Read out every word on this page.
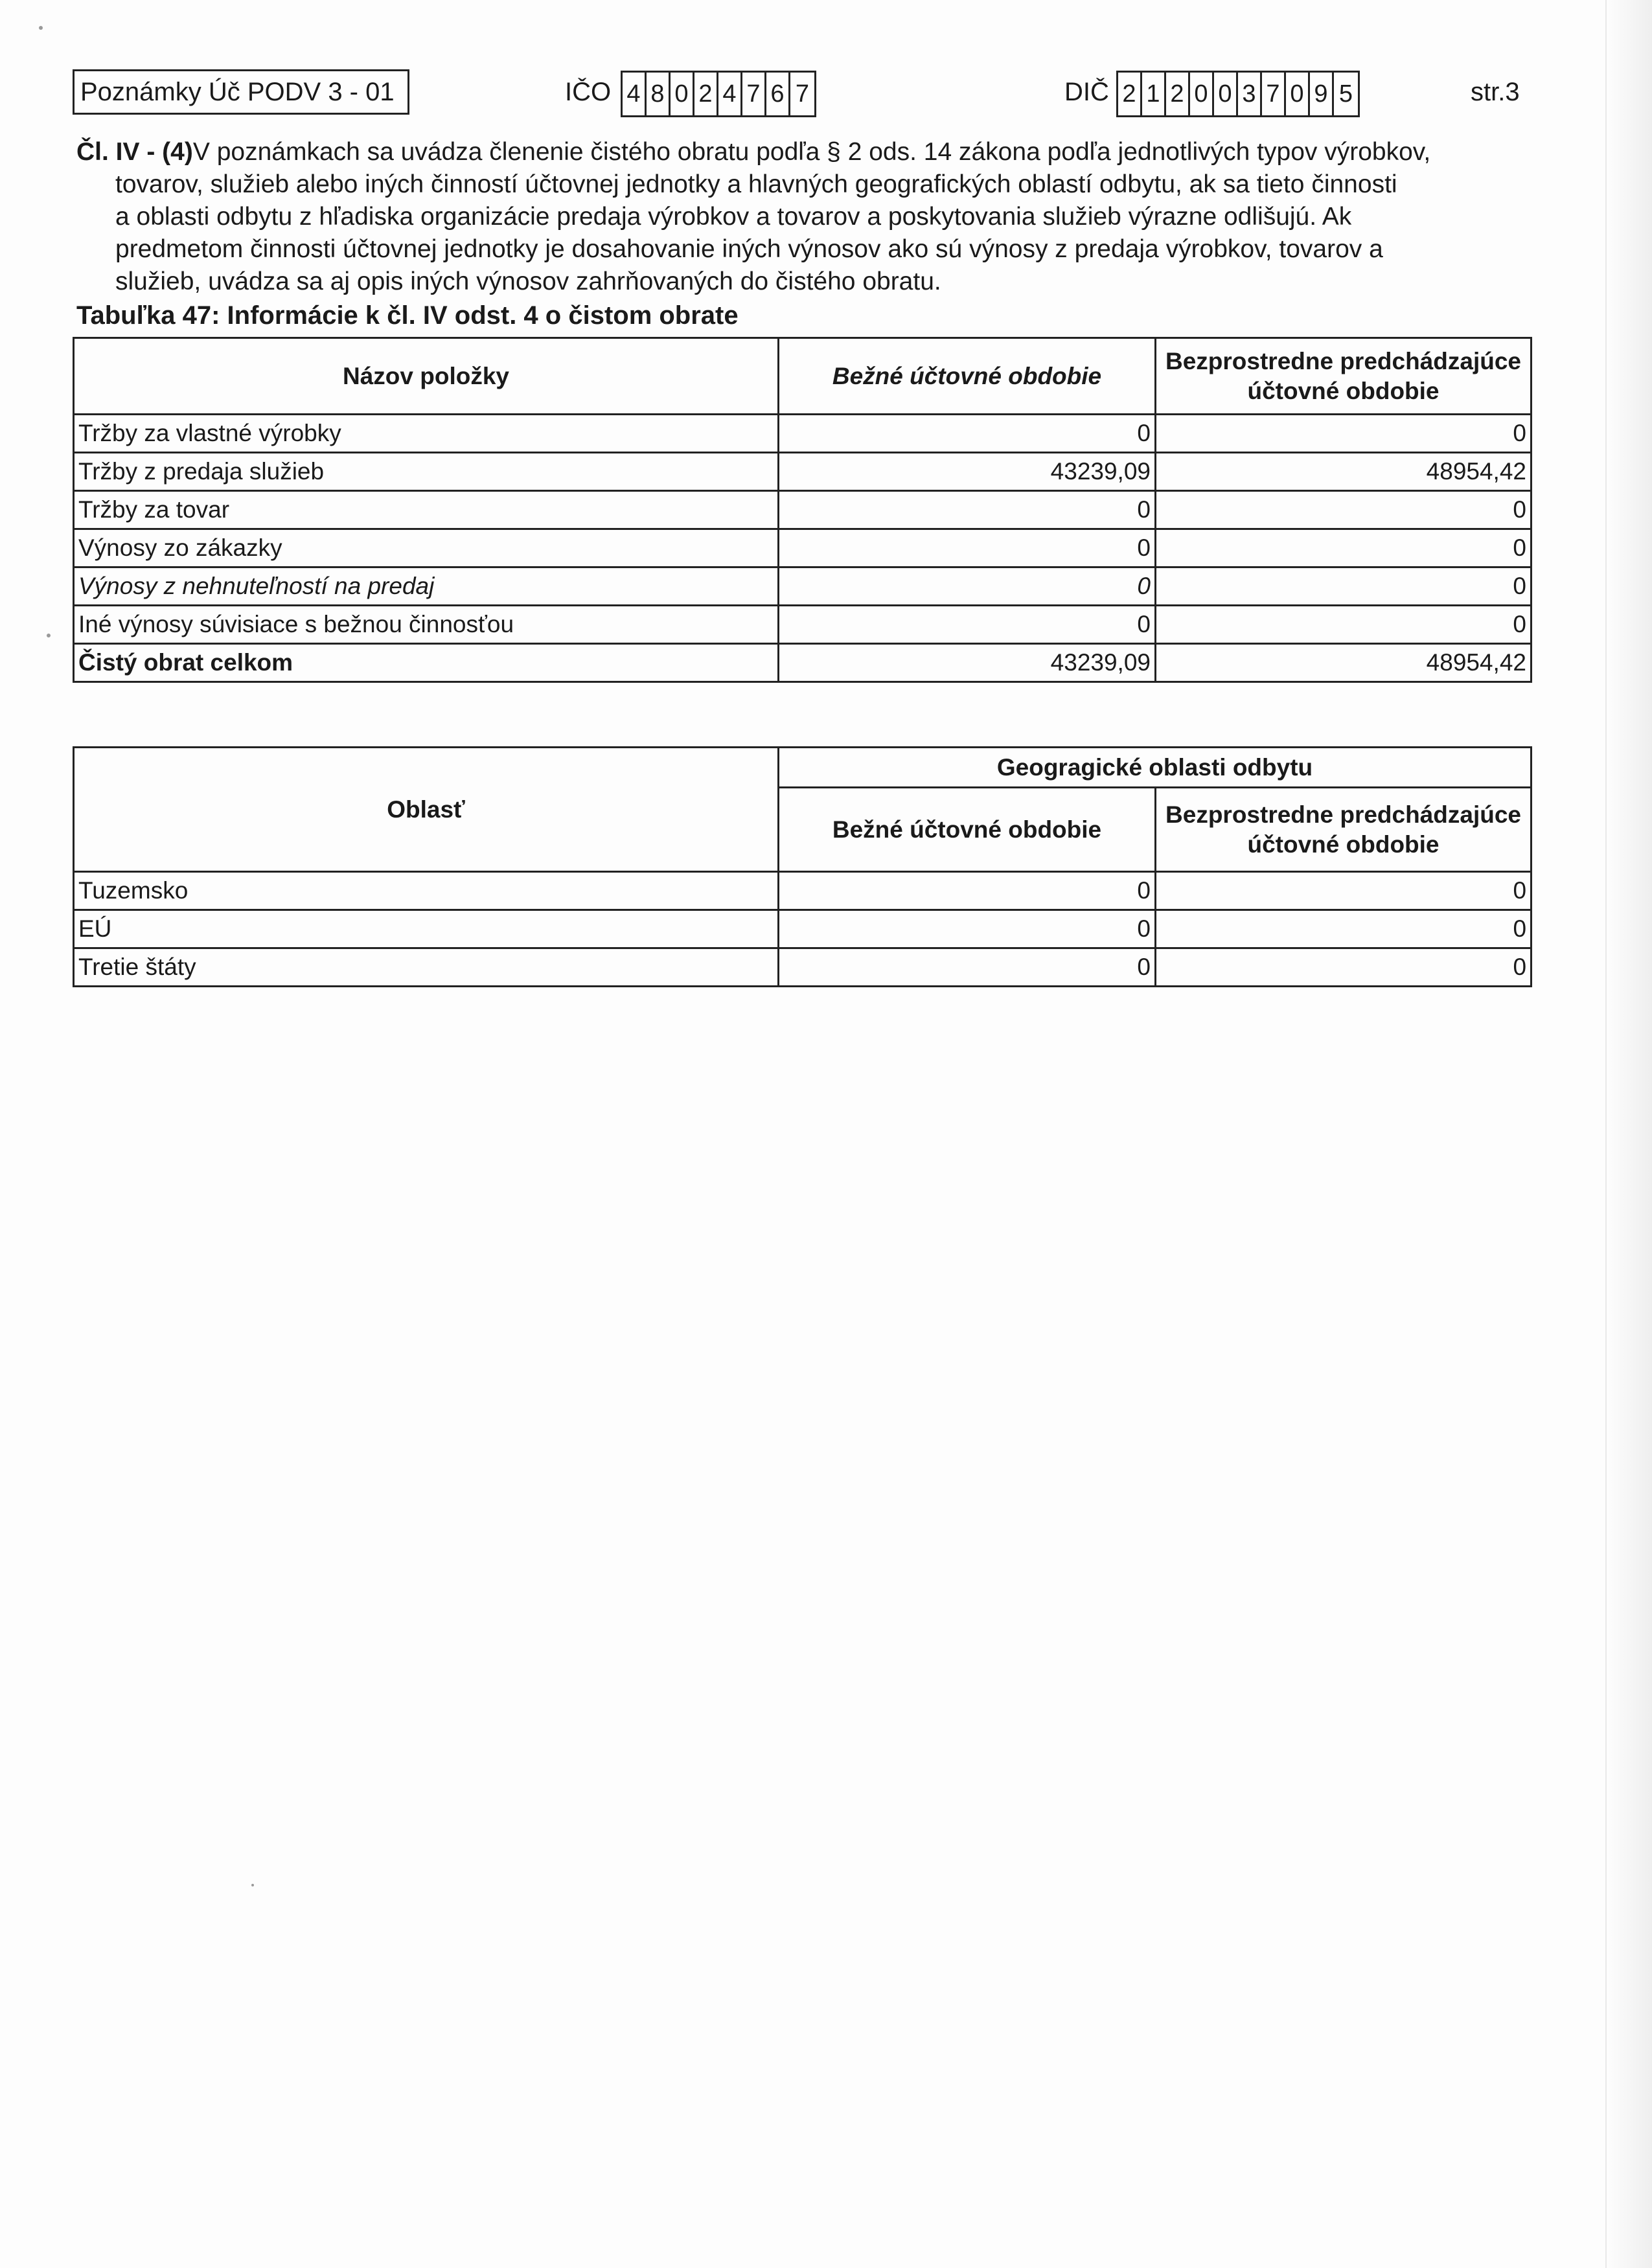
Poznámky Úč PODV 3 - 01	IČO 4 8 0 2 4 7 6 7	DIČ 2 1 2 0 0 3 7 0 9 5	str.3
Čl. IV - (4)V poznámkach sa uvádza členenie čistého obratu podľa § 2 ods. 14 zákona podľa jednotlivých typov výrobkov,
tovarov, služieb alebo iných činností účtovnej jednotky a hlavných geografických oblastí odbytu, ak sa tieto činnosti
a oblasti odbytu z hľadiska organizácie predaja výrobkov a tovarov a poskytovania služieb výrazne odlišujú. Ak
predmetom činnosti účtovnej jednotky je dosahovanie iných výnosov ako sú výnosy z predaja výrobkov, tovarov a
služieb, uvádza sa aj opis iných výnosov zahrňovaných do čistého obratu.
Tabuľka 47: Informácie k čl. IV odst. 4 o čistom obrate
Názov položky	Bežné účtovné obdobie	Bezprostredne predchádzajúce účtovné obdobie
Tržby za vlastné výrobky	0	0
Tržby z predaja služieb	43239,09	48954,42
Tržby za tovar	0	0
Výnosy zo zákazky	0	0
Výnosy z nehnuteľností na predaj	0	0
Iné výnosy súvisiace s bežnou činnosťou	0	0
Čistý obrat celkom	43239,09	48954,42
Oblasť	Geogragické oblasti odbytu	
	Bežné účtovné obdobie	Bezprostredne predchádzajúce účtovné obdobie
Tuzemsko	0	0
EÚ	0	0
Tretie štáty	0	0
